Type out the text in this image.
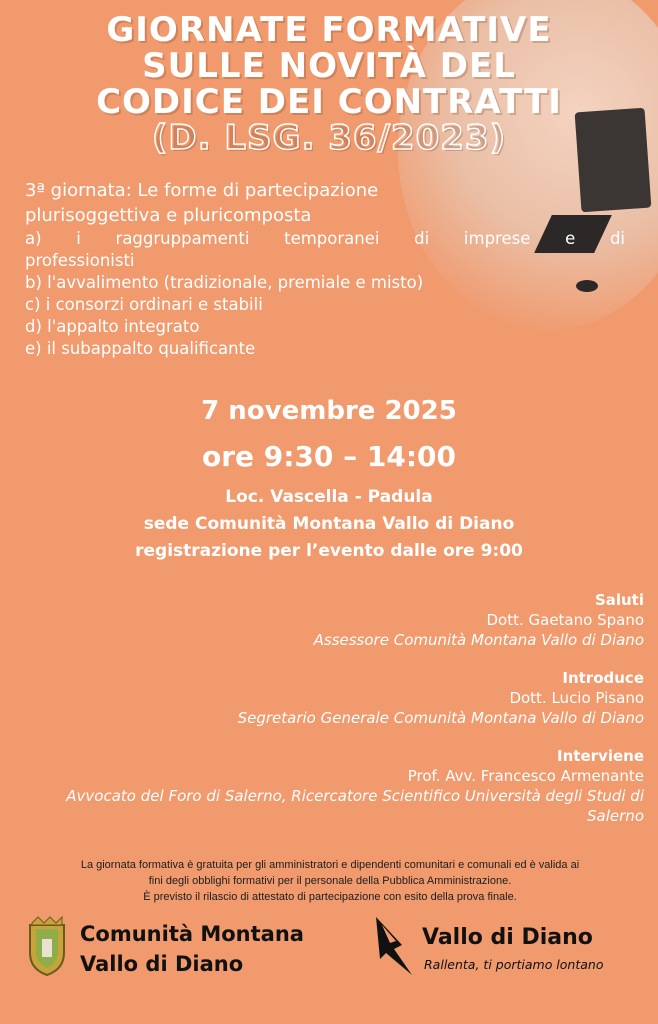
GIORNATE FORMATIVE
SULLE NOVITÀ DEL
CODICE DEI CONTRATTI
(D. LSG. 36/2023)
3ª giornata: Le forme di partecipazione
plurisoggettiva e pluricomposta
a) i raggruppamenti temporanei di imprese e di
professionisti
b) l'avvalimento (tradizionale, premiale e misto)
c) i consorzi ordinari e stabili
d) l'appalto integrato
e) il subappalto qualificante
7 novembre 2025
ore 9:30 – 14:00
Loc. Vascella - Padula
sede Comunità Montana Vallo di Diano
registrazione per l’evento dalle ore 9:00
Saluti
Dott. Gaetano Spano
Assessore Comunità Montana Vallo di Diano
Introduce
Dott. Lucio Pisano
Segretario Generale Comunità Montana Vallo di Diano
Interviene
Prof. Avv. Francesco Armenante
Avvocato del Foro di Salerno, Ricercatore Scientifico Università degli Studi di Salerno
La giornata formativa è gratuita per gli amministratori e dipendenti comunitari e comunali ed è valida ai
fini degli obblighi formativi per il personale della Pubblica Amministrazione.
È previsto il rilascio di attestato di partecipazione con esito della prova finale.
Comunità Montana
Vallo di Diano
Vallo di Diano
Rallenta, ti portiamo lontano
